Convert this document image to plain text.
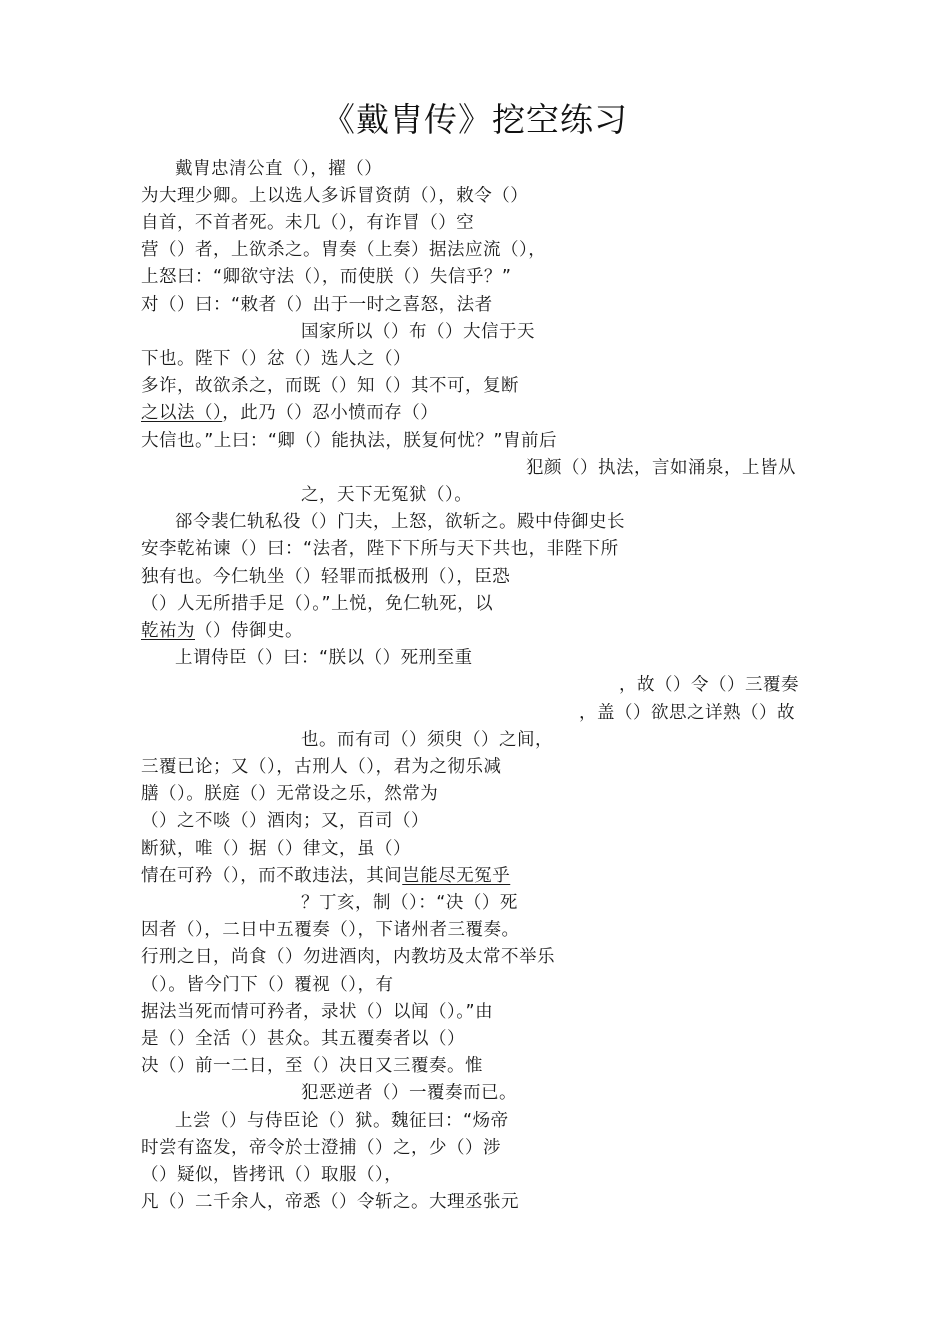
《戴胄传》挖空练习
戴胄忠清公直（），擢（）
为大理少卿。上以选人多诉冒资荫（），敕令（）
自首，不首者死。未几（），有诈冒（）空
营（）者，上欲杀之。胄奏（上奏）据法应流（），
上怒曰：“卿欲守法（），而使朕（）失信乎？”
对（）曰：“敕者（）出于一时之喜怒，法者
国家所以（）布（）大信于天
下也。陛下（）忿（）选人之（）
多诈，故欲杀之，而既（）知（）其不可，复断
之以法（），此乃（）忍小愤而存（）
大信也。”上曰：“卿（）能执法，朕复何忧？”胄前后
犯颜（）执法，言如涌泉，上皆从
之，天下无冤狱（）。
郤令裴仁轨私役（）门夫，上怒，欲斩之。殿中侍御史长
安李乾祐谏（）曰：“法者，陛下下所与天下共也，非陛下所
独有也。今仁轨坐（）轻罪而抵极刑（），臣恐
（）人无所措手足（）。”上悦，免仁轨死，以
乾祐为（）侍御史。
上谓侍臣（）曰：“朕以（）死刑至重
，故（）令（）三覆奏
，盖（）欲思之详熟（）故
也。而有司（）须臾（）之间，
三覆已论；又（），古刑人（），君为之彻乐减
膳（）。朕庭（）无常设之乐，然常为
（）之不啖（）酒肉；又，百司（）
断狱，唯（）据（）律文，虽（）
情在可矜（），而不敢违法，其间岂能尽无冤乎
？丁亥，制（）：“决（）死
因者（），二日中五覆奏（），下诸州者三覆奏。
行刑之日，尚食（）勿进酒肉，内教坊及太常不举乐
（）。皆今门下（）覆视（），有
据法当死而情可矜者，录状（）以闻（）。”由
是（）全活（）甚众。其五覆奏者以（）
决（）前一二日，至（）决日又三覆奏。惟
犯恶逆者（）一覆奏而已。
上尝（）与侍臣论（）狱。魏征曰：“炀帝
时尝有盗发，帝令於士澄捕（）之，少（）涉
（）疑似，皆拷讯（）取服（），
凡（）二千余人，帝悉（）令斩之。大理丞张元
